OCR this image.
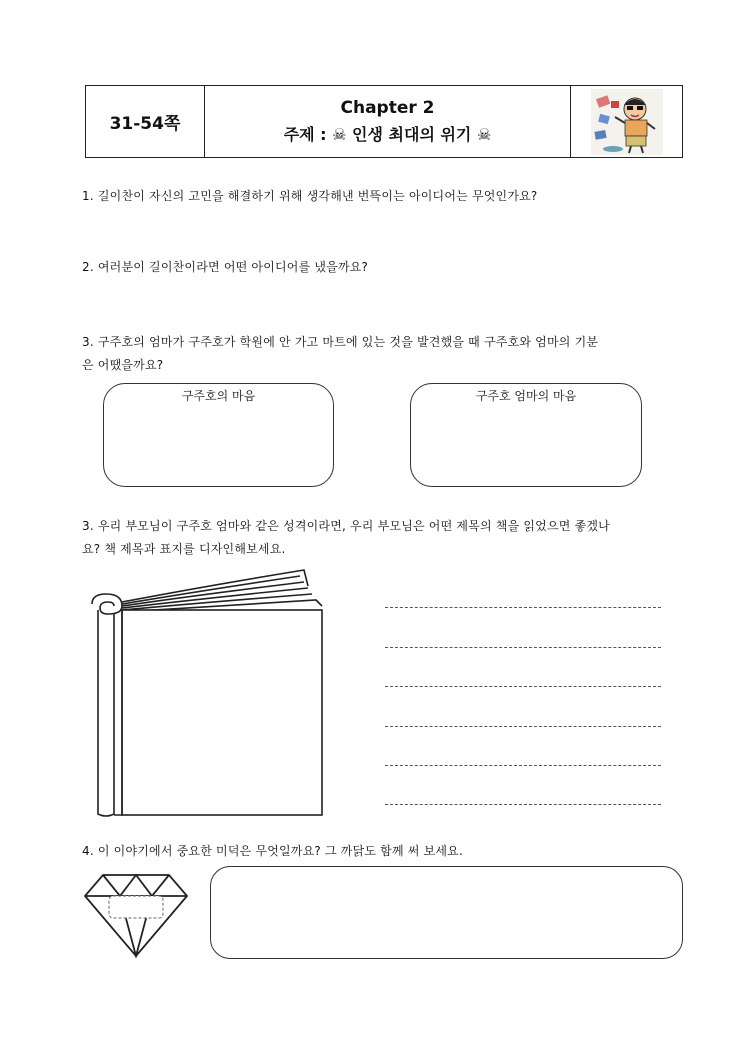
31-54쪽
Chapter 2
주제 : ☠ 인생 최대의 위기 ☠
1. 길이찬이 자신의 고민을 해결하기 위해 생각해낸 번뜩이는 아이디어는 무엇인가요?
2. 여러분이 길이찬이라면 어떤 아이디어를 냈을까요?
3. 구주호의 엄마가 구주호가 학원에 안 가고 마트에 있는 것을 발견했을 때 구주호와 엄마의 기분
은 어땠을까요?
구주호의 마음	구주호 엄마의 마음
3. 우리 부모님이 구주호 엄마와 같은 성격이라면, 우리 부모님은 어떤 제목의 책을 읽었으면 좋겠나
요? 책 제목과 표지를 디자인해보세요.
4. 이 이야기에서 중요한 미덕은 무엇일까요? 그 까닭도 함께 써 보세요.
